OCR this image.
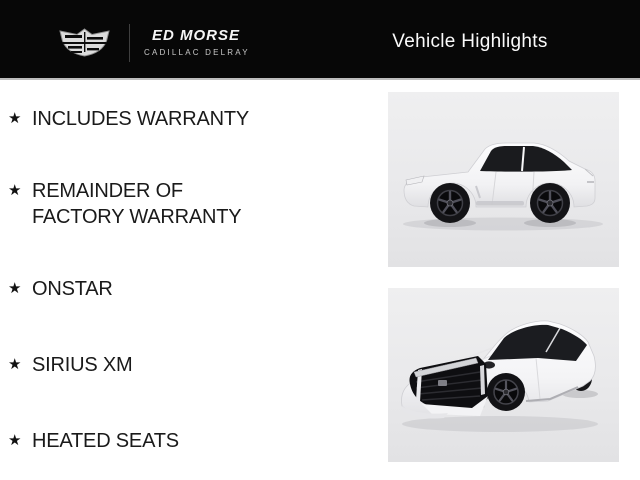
ED MORSE
CADILLAC DELRAY
Vehicle Highlights
★ INCLUDES WARRANTY
★ REMAINDER OF FACTORY WARRANTY
★ ONSTAR
★ SIRIUS XM
★ HEATED SEATS
